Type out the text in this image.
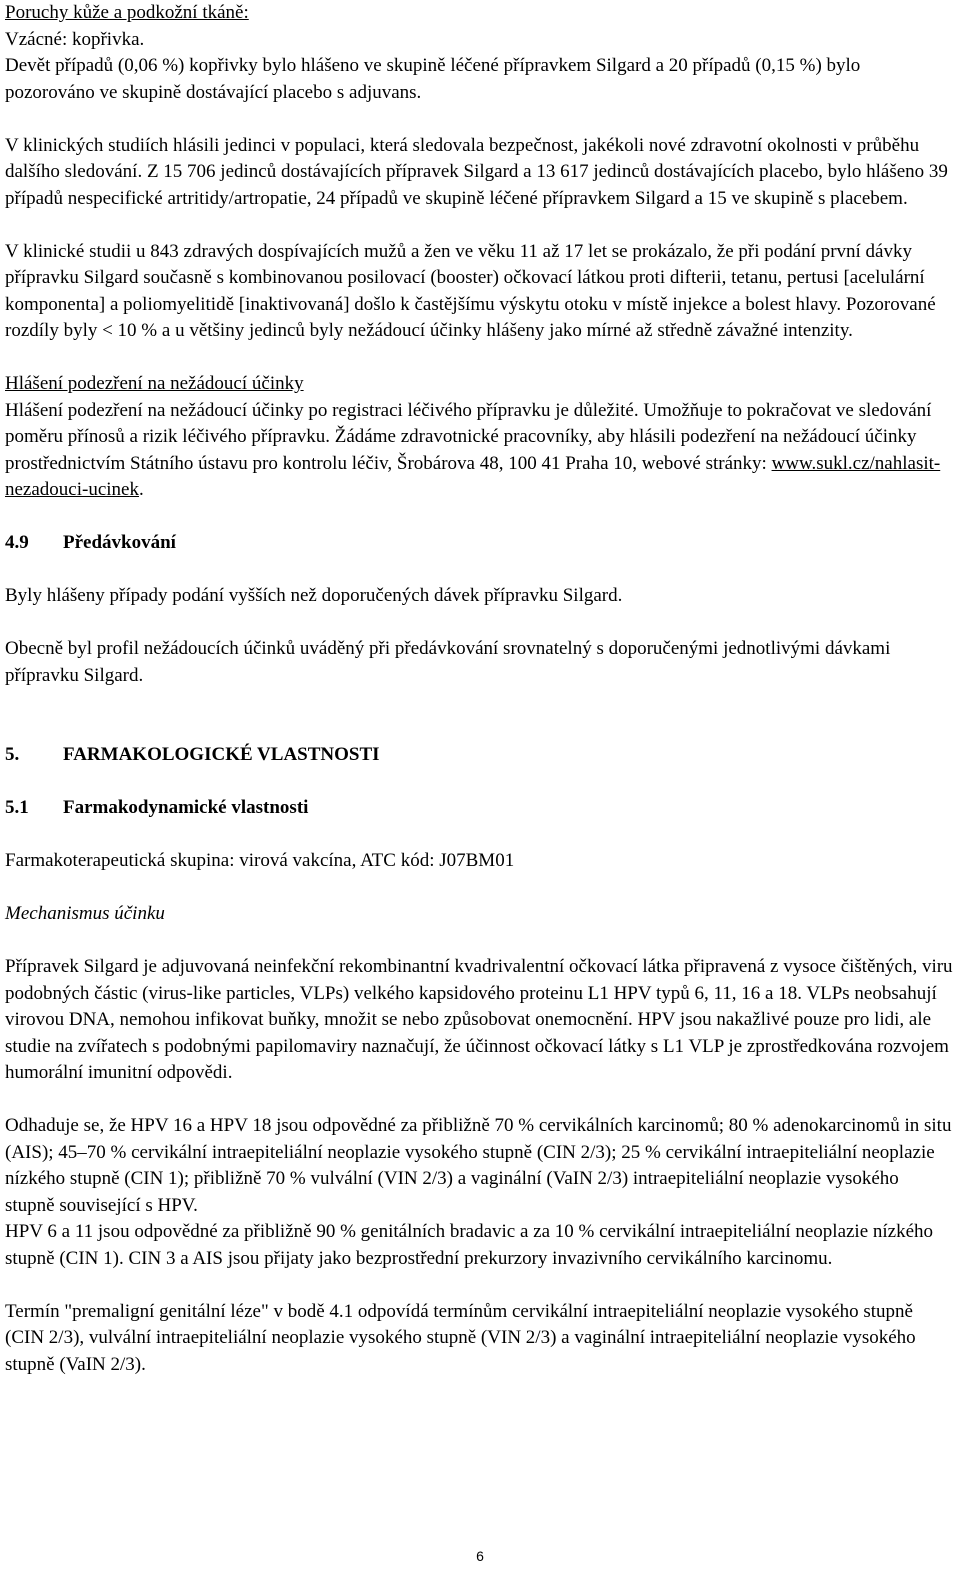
Poruchy kůže a podkožní tkáně:

Vzácné: kopřivka.

Devět případů (0,06 %) kopřivky bylo hlášeno ve skupině léčené přípravkem Silgard a 20 případů (0,15 %) bylo pozorováno ve skupině dostávající placebo s adjuvans.

V klinických studiích hlásili jedinci v populaci, která sledovala bezpečnost, jakékoli nové zdravotní okolnosti v průběhu dalšího sledování. Z 15 706 jedinců dostávajících přípravek Silgard a 13 617 jedinců dostávajících placebo, bylo hlášeno 39 případů nespecifické artritidy/artropatie, 24 případů ve skupině léčené přípravkem Silgard a 15 ve skupině s placebem.

V klinické studii u 843 zdravých dospívajících mužů a žen ve věku 11 až 17 let se prokázalo, že při podání první dávky přípravku Silgard současně s kombinovanou posilovací (booster) očkovací látkou proti difterii, tetanu, pertusi [acelulární komponenta] a poliomyelitidě [inaktivovaná] došlo k častějšímu výskytu otoku v místě injekce a bolest hlavy. Pozorované rozdíly byly < 10 % a u většiny jedinců byly nežádoucí účinky hlášeny jako mírné až středně závažné intenzity.

Hlášení podezření na nežádoucí účinky

Hlášení podezření na nežádoucí účinky po registraci léčivého přípravku je důležité. Umožňuje to pokračovat ve sledování poměru přínosů a rizik léčivého přípravku. Žádáme zdravotnické pracovníky, aby hlásili podezření na nežádoucí účinky prostřednictvím Státního ústavu pro kontrolu léčiv, Šrobárova 48, 100 41 Praha 10, webové stránky: www.sukl.cz/nahlasit-nezadouci-ucinek.

4.9	Předávkování

Byly hlášeny případy podání vyšších než doporučených dávek přípravku Silgard.

Obecně byl profil nežádoucích účinků uváděný při předávkování srovnatelný s doporučenými jednotlivými dávkami přípravku Silgard.

5.	FARMAKOLOGICKÉ VLASTNOSTI

5.1	Farmakodynamické vlastnosti

Farmakoterapeutická skupina: virová vakcína, ATC kód: J07BM01

Mechanismus účinku

Přípravek Silgard je adjuvovaná neinfekční rekombinantní kvadrivalentní očkovací látka připravená z vysoce čištěných, viru podobných částic (virus-like particles, VLPs) velkého kapsidového proteinu L1 HPV typů 6, 11, 16 a 18. VLPs neobsahují virovou DNA, nemohou infikovat buňky, množit se nebo způsobovat onemocnění. HPV jsou nakažlivé pouze pro lidi, ale studie na zvířatech s podobnými papilomaviry naznačují, že účinnost očkovací látky s L1 VLP je zprostředkována rozvojem humorální imunitní odpovědi.

Odhaduje se, že HPV 16 a HPV 18 jsou odpovědné za přibližně 70 % cervikálních karcinomů; 80 % adenokarcinomů in situ (AIS); 45–70 % cervikální intraepiteliální neoplazie vysokého stupně (CIN 2/3); 25 % cervikální intraepiteliální neoplazie nízkého stupně (CIN 1); přibližně 70 % vulvální (VIN 2/3) a vaginální (VaIN 2/3) intraepiteliální neoplazie vysokého stupně související s HPV.

HPV 6 a 11 jsou odpovědné za přibližně 90 % genitálních bradavic a za 10 % cervikální intraepiteliální neoplazie nízkého stupně (CIN 1). CIN 3 a AIS jsou přijaty jako bezprostřední prekurzory invazivního cervikálního karcinomu.

Termín "premaligní genitální léze" v bodě 4.1 odpovídá termínům cervikální intraepiteliální neoplazie vysokého stupně (CIN 2/3), vulvální intraepiteliální neoplazie vysokého stupně (VIN 2/3) a vaginální intraepiteliální neoplazie vysokého stupně (VaIN 2/3).

6
